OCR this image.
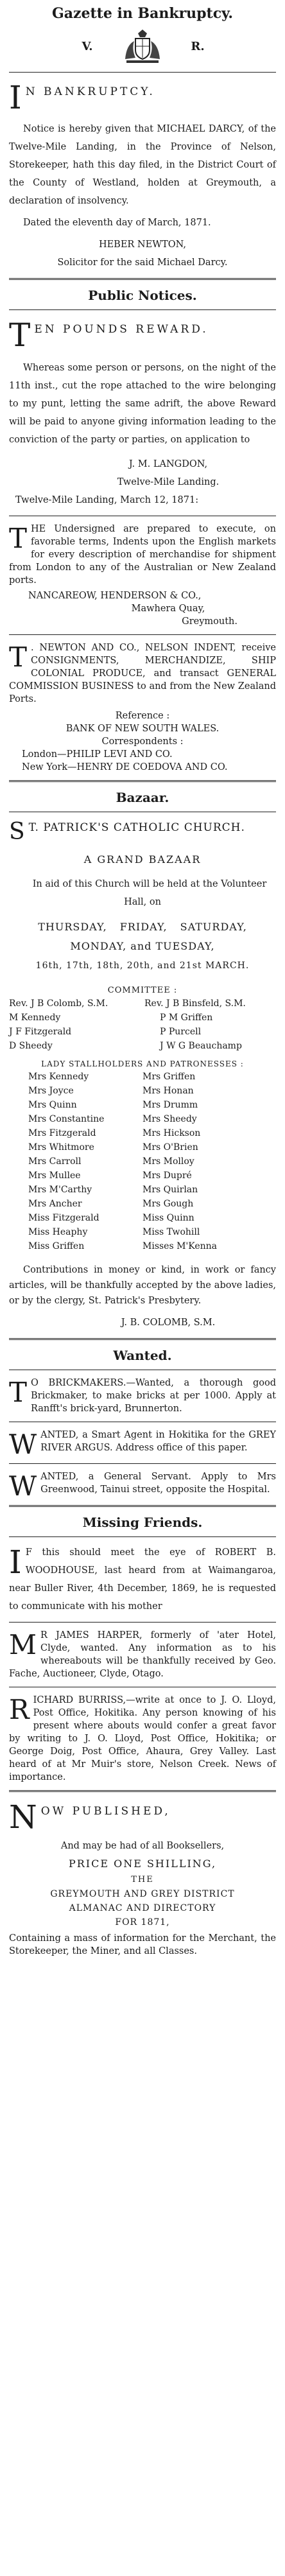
Gazette in Bankruptcy.
V.	R.
I N BANKRUPTCY.

Notice is hereby given that MICHAEL DARCY, of the Twelve-Mile Landing, in the Province of Nelson, Storekeeper, hath this day filed, in the District Court of the County of Westland, holden at Greymouth, a declaration of insolvency.

Dated the eleventh day of March, 1871.

HEBER NEWTON,

Solicitor for the said Michael Darcy.

Public Notices.
T EN POUNDS REWARD.

Whereas some person or persons, on the night of the 11th inst., cut the rope attached to the wire belonging to my punt, letting the same adrift, the above Reward will be paid to anyone giving information leading to the conviction of the party or parties, on application to

J. M. LANGDON,

Twelve-Mile Landing.

Twelve-Mile Landing, March 12, 1871:

T HE Undersigned are prepared to execute, on favorable terms, Indents upon the English markets for every description of merchandise for shipment from London to any of the Australian or New Zealand ports.

NANCAREOW, HENDERSON & CO.,

Mawhera Quay,

Greymouth.

T . NEWTON AND CO., NELSON INDENT, receive CONSIGNMENTS, MERCHANDIZE, SHIP COLONIAL PRODUCE, and transact GENERAL COMMISSION BUSINESS to and from the New Zealand Ports.

Reference :

BANK OF NEW SOUTH WALES.

Correspondents :

London—PHILIP LEVI AND CO.

New York—HENRY DE COEDOVA AND CO.

Bazaar.
S T. PATRICK'S CATHOLIC CHURCH.

A GRAND BAZAAR

In aid of this Church will be held at the Volunteer Hall, on

THURSDAY, FRIDAY, SATURDAY,
MONDAY, and TUESDAY,
16th, 17th, 18th, 20th, and 21st MARCH.
COMMITTEE :
Rev. J B Colomb, S.M.	Rev. J B Binsfeld, S.M.
M Kennedy	P M Griffen
J F Fitzgerald	P Purcell
D Sheedy	J W G Beauchamp
LADY STALLHOLDERS AND PATRONESSES :
Mrs Kennedy	Mrs Griffen
Mrs Joyce	Mrs Honan
Mrs Quinn	Mrs Drumm
Mrs Constantine	Mrs Sheedy
Mrs Fitzgerald	Mrs Hickson
Mrs Whitmore	Mrs O'Brien
Mrs Carroll	Mrs Molloy
Mrs Mullee	Mrs Dupré
Mrs M'Carthy	Mrs Quirlan
Mrs Ancher	Mrs Gough
Miss Fitzgerald	Miss Quinn
Miss Heaphy	Miss Twohill
Miss Griffen	Misses M'Kenna

Contributions in money or kind, in work or fancy articles, will be thankfully accepted by the above ladies, or by the clergy, St. Patrick's Presbytery.

J. B. COLOMB, S.M.

Wanted.
T O BRICKMAKERS.—Wanted, a thorough good Brickmaker, to make bricks at per 1000. Apply at Ranfft's brick-yard, Brunnerton.
W ANTED, a Smart Agent in Hokitika for the GREY RIVER ARGUS. Address office of this paper.
W ANTED, a General Servant. Apply to Mrs Greenwood, Tainui street, opposite the Hospital.
Missing Friends.
I F this should meet the eye of ROBERT B. WOODHOUSE, last heard from at Waimangaroa, near Buller River, 4th December, 1869, he is requested to communicate with his mother
M R JAMES HARPER, formerly of 'ater Hotel, Clyde, wanted. Any information as to his whereabouts will be thankfully received by Geo. Fache, Auctioneer, Clyde, Otago.
R ICHARD BURRISS,—write at once to J. O. Lloyd, Post Office, Hokitika. Any person knowing of his present where abouts would confer a great favor by writing to J. O. Lloyd, Post Office, Hokitika; or George Doig, Post Office, Ahaura, Grey Valley. Last heard of at Mr Muir's store, Nelson Creek. News of importance.
N OW PUBLISHED,

And may be had of all Booksellers,

PRICE ONE SHILLING,

THE

GREYMOUTH AND GREY DISTRICT

ALMANAC AND DIRECTORY

FOR 1871,

Containing a mass of information for the Merchant, the Storekeeper, the Miner, and all Classes.
